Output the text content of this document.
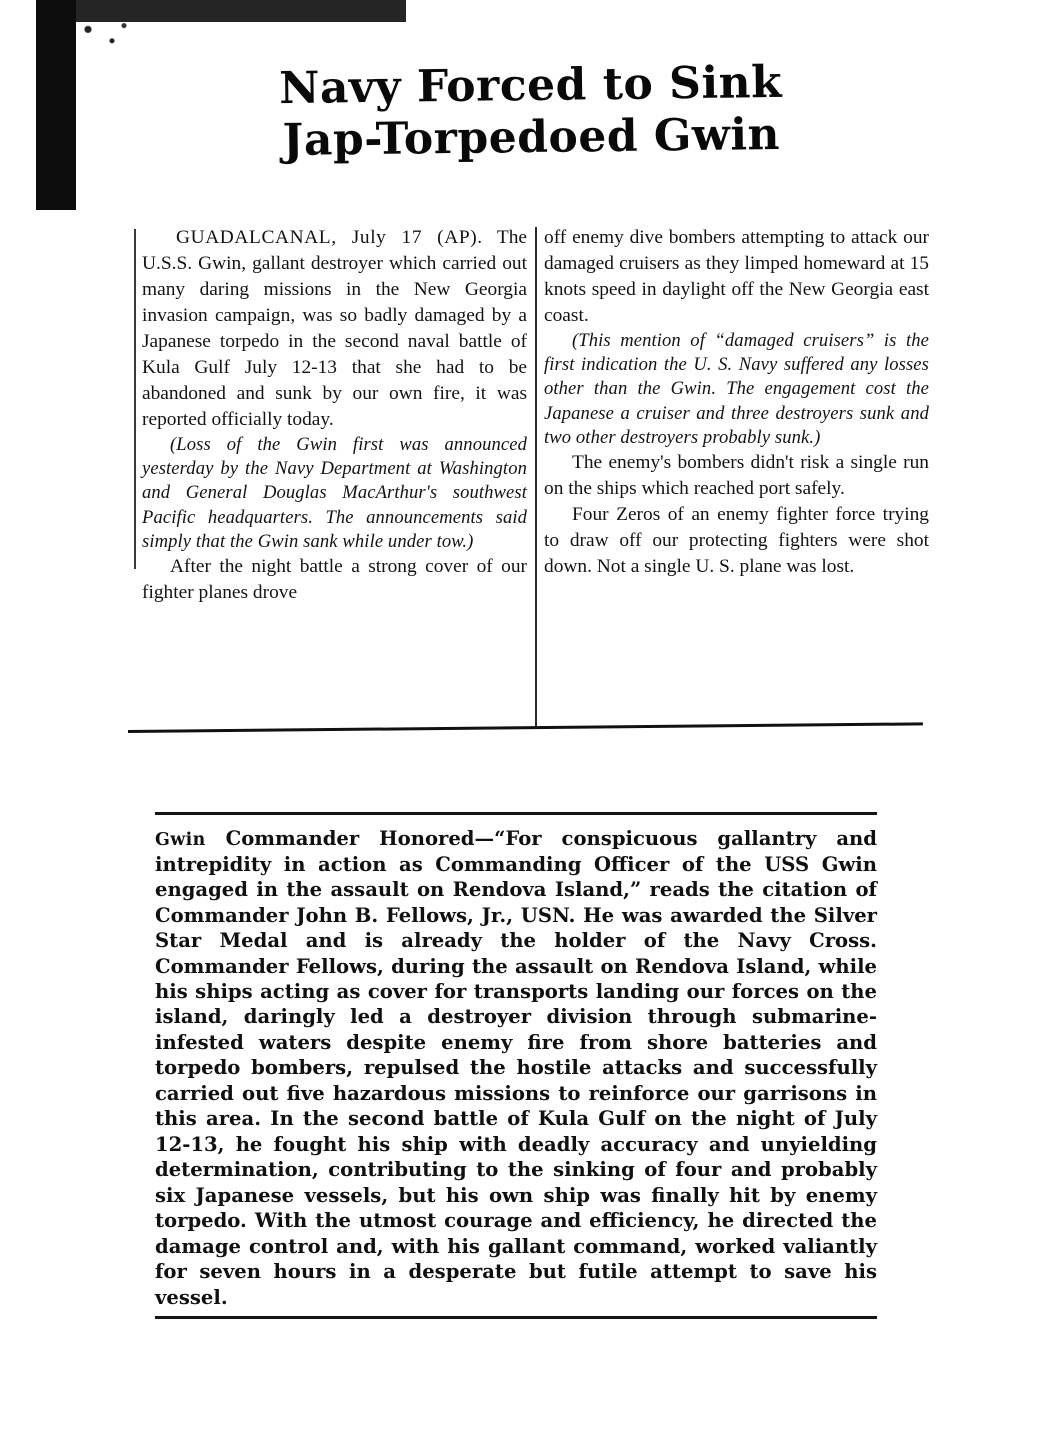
Navy Forced to Sink
Jap-Torpedoed Gwin

GUADALCANAL, July 17 (AP). The U.S.S. Gwin, gallant destroyer which carried out many daring missions in the New Georgia invasion campaign, was so badly damaged by a Japanese torpedo in the second naval battle of Kula Gulf July 12-13 that she had to be abandoned and sunk by our own fire, it was reported officially today.

(Loss of the Gwin first was announced yesterday by the Navy Department at Washington and General Douglas MacArthur's southwest Pacific headquarters. The announcements said simply that the Gwin sank while under tow.)

After the night battle a strong cover of our fighter planes drove

off enemy dive bombers attempting to attack our damaged cruisers as they limped homeward at 15 knots speed in daylight off the New Georgia east coast.

(This mention of “damaged cruisers” is the first indication the U. S. Navy suffered any losses other than the Gwin. The engagement cost the Japanese a cruiser and three destroyers sunk and two other destroyers probably sunk.)

The enemy's bombers didn't risk a single run on the ships which reached port safely.

Four Zeros of an enemy fighter force trying to draw off our protecting fighters were shot down. Not a single U. S. plane was lost.

Gwin Commander Honored—“For conspicuous gallantry and intrepidity in action as Commanding Officer of the USS Gwin engaged in the assault on Rendova Island,” reads the citation of Commander John B. Fellows, Jr., USN. He was awarded the Silver Star Medal and is already the holder of the Navy Cross. Commander Fellows, during the assault on Rendova Island, while his ships acting as cover for transports landing our forces on the island, daringly led a destroyer division through submarine-infested waters despite enemy fire from shore batteries and torpedo bombers, repulsed the hostile attacks and successfully carried out five hazardous missions to reinforce our garrisons in this area. In the second battle of Kula Gulf on the night of July 12-13, he fought his ship with deadly accuracy and unyielding determination, contributing to the sinking of four and probably six Japanese vessels, but his own ship was finally hit by enemy torpedo. With the utmost courage and efficiency, he directed the damage control and, with his gallant command, worked valiantly for seven hours in a desperate but futile attempt to save his vessel.
